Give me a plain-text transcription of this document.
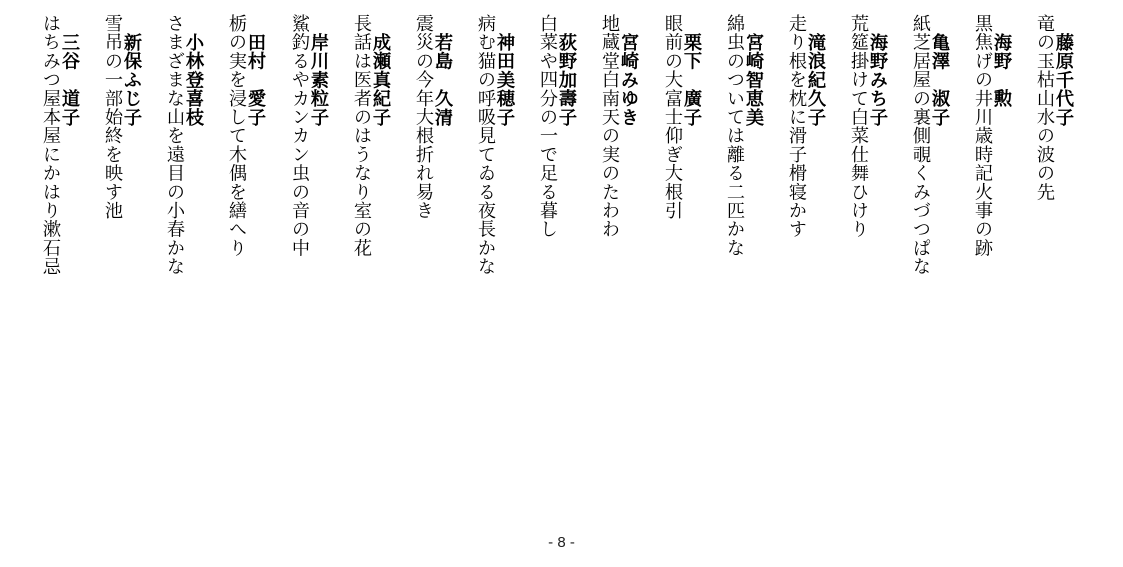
藤原千代子
竜の玉枯山水の波の先
海野　勲
黒焦げの井川歳時記火事の跡
亀澤　淑子
紙芝居屋の裏側覗くみづつぱな
海野みち子
荒筵掛けて白菜仕舞ひけり
滝浪紀久子
走り根を枕に滑子榾寝かす
宮崎智恵美
綿虫のついては離る二匹かな
栗下　廣子
眼前の大富士仰ぎ大根引
宮崎みゆき
地蔵堂白南天の実のたわわ
荻野加壽子
白菜や四分の一で足る暮し
神田美穂子
病む猫の呼吸見てゐる夜長かな
若島　久清
震災の今年大根折れ易き
成瀬真紀子
長話は医者のはうなり室の花
岸川素粒子
鯊釣るやカンカン虫の音の中
田村　愛子
栃の実を浸して木偶を繕へり
小林登喜枝
さまざまな山を遠目の小春かな
新保ふじ子
雪吊の一部始終を映す池
三谷　道子
はちみつ屋本屋にかはり漱石忌
- 8 -
